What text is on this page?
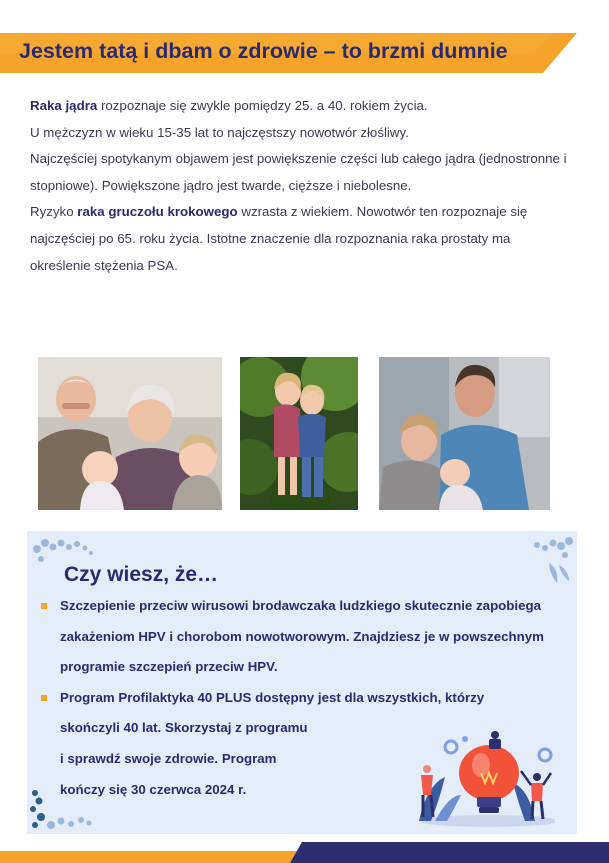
Jestem tatą i dbam o zdrowie – to brzmi dumnie

Raka jądra rozpoznaje się zwykle pomiędzy 25. a 40. rokiem życia.

U mężczyzn w wieku 15-35 lat to najczęstszy nowotwór złośliwy.

Najczęściej spotykanym objawem jest powiększenie części lub całego jądra (jednostronne i stopniowe). Powiększone jądro jest twarde, cięższe i niebolesne.

Ryzyko raka gruczołu krokowego wzrasta z wiekiem. Nowotwór ten rozpoznaje się najczęściej po 65. roku życia. Istotne znaczenie dla rozpoznania raka prostaty ma określenie stężenia PSA.

Czy wiesz, że…
Szczepienie przeciw wirusowi brodawczaka ludzkiego skutecznie zapobiega zakażeniom HPV i chorobom nowotworowym. Znajdziesz je w powszechnym programie szczepień przeciw HPV.
Program Profilaktyka 40 PLUS dostępny jest dla wszystkich, którzy
skończyli 40 lat. Skorzystaj z programu
i sprawdź swoje zdrowie. Program
kończy się 30 czerwca 2024 r.
